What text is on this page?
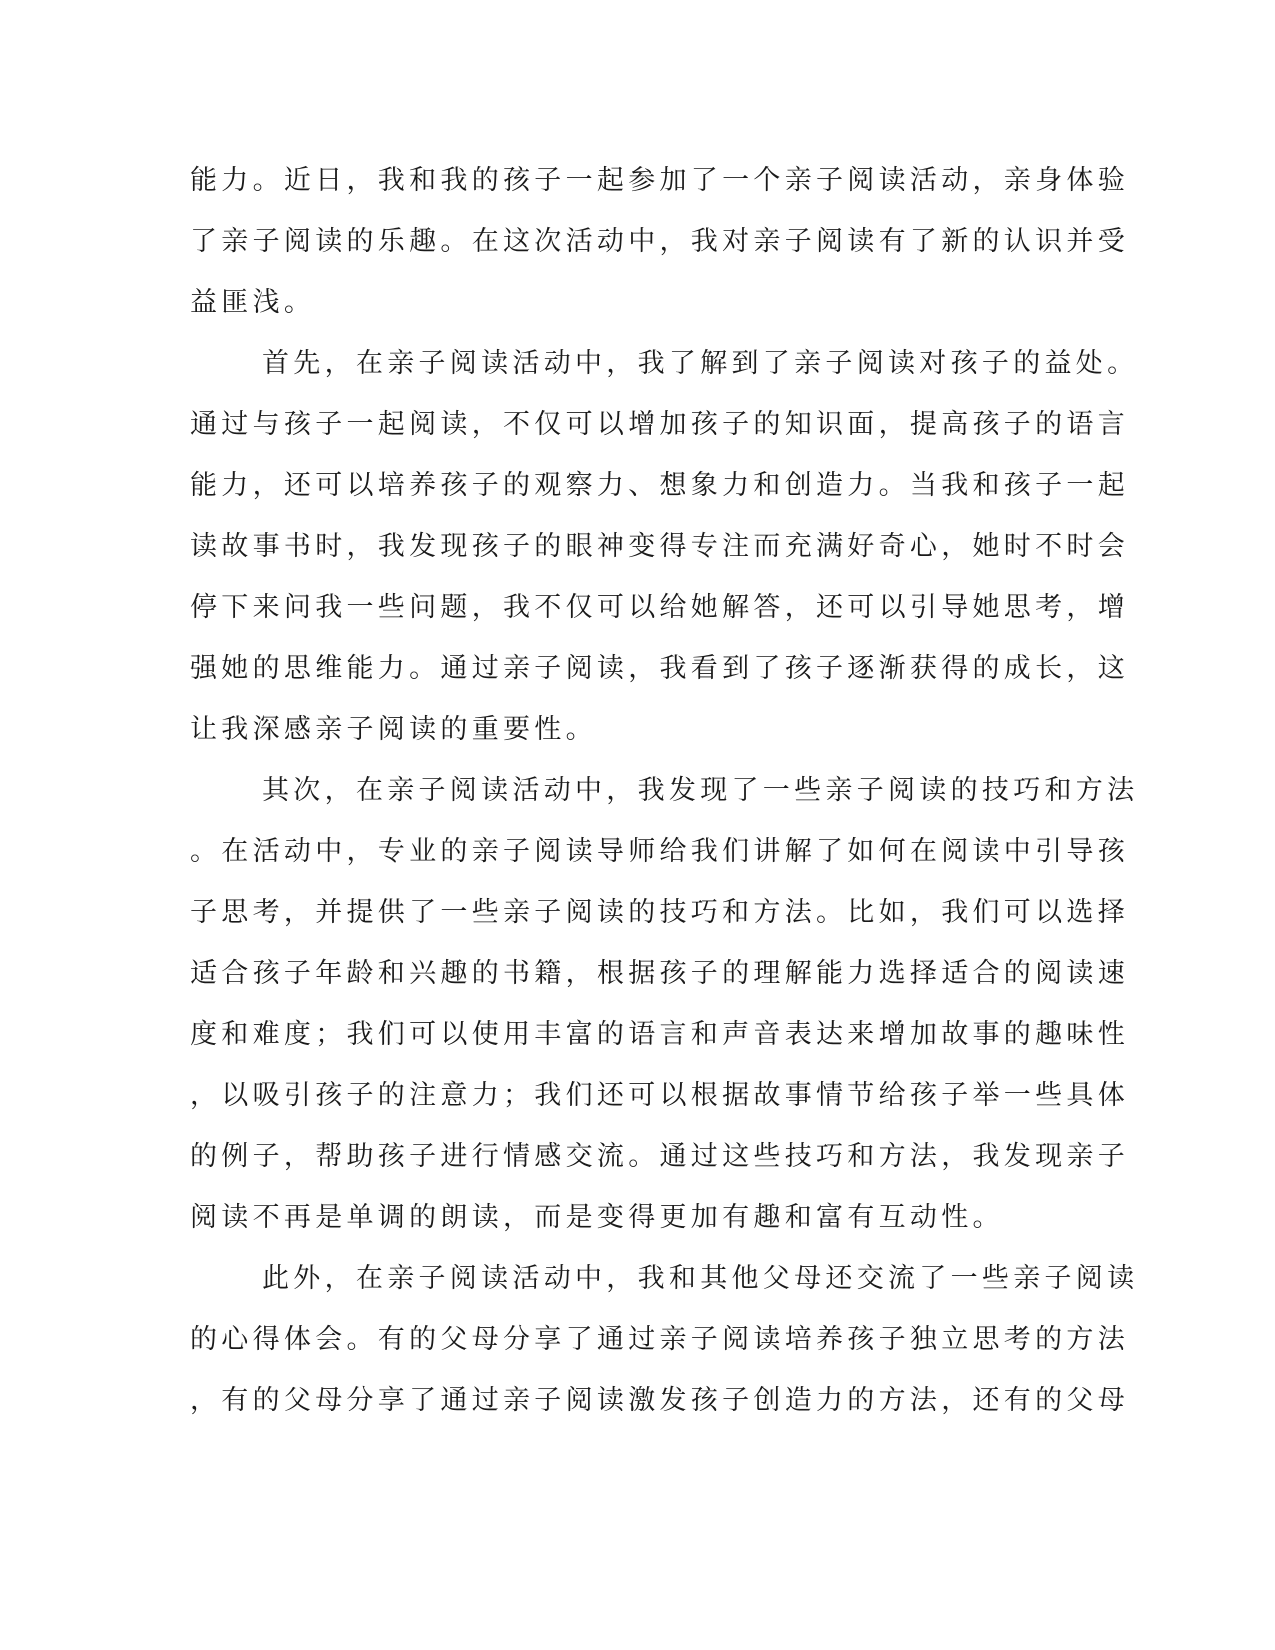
能力。近日，我和我的孩子一起参加了一个亲子阅读活动，亲身体验
了亲子阅读的乐趣。在这次活动中，我对亲子阅读有了新的认识并受
益匪浅。
首先，在亲子阅读活动中，我了解到了亲子阅读对孩子的益处。
通过与孩子一起阅读，不仅可以增加孩子的知识面，提高孩子的语言
能力，还可以培养孩子的观察力、想象力和创造力。当我和孩子一起
读故事书时，我发现孩子的眼神变得专注而充满好奇心，她时不时会
停下来问我一些问题，我不仅可以给她解答，还可以引导她思考，增
强她的思维能力。通过亲子阅读，我看到了孩子逐渐获得的成长，这
让我深感亲子阅读的重要性。
其次，在亲子阅读活动中，我发现了一些亲子阅读的技巧和方法
。在活动中，专业的亲子阅读导师给我们讲解了如何在阅读中引导孩
子思考，并提供了一些亲子阅读的技巧和方法。比如，我们可以选择
适合孩子年龄和兴趣的书籍，根据孩子的理解能力选择适合的阅读速
度和难度；我们可以使用丰富的语言和声音表达来增加故事的趣味性
，以吸引孩子的注意力；我们还可以根据故事情节给孩子举一些具体
的例子，帮助孩子进行情感交流。通过这些技巧和方法，我发现亲子
阅读不再是单调的朗读，而是变得更加有趣和富有互动性。
此外，在亲子阅读活动中，我和其他父母还交流了一些亲子阅读
的心得体会。有的父母分享了通过亲子阅读培养孩子独立思考的方法
，有的父母分享了通过亲子阅读激发孩子创造力的方法，还有的父母
